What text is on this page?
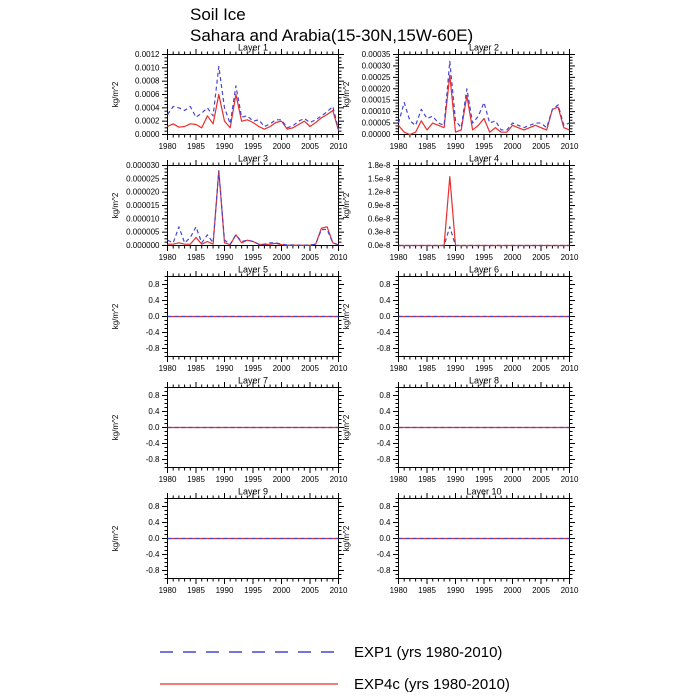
Soil Ice
Sahara and Arabia(15-30N,15W-60E)
1980 1985 1990 1995 2000 2005 2010
0.0000
0.0002
0.0004
0.0006
0.0008
0.0010
0.0012
Layer 1
kg/m^2
1980 1985 1990 1995 2000 2005 2010
0.00000
0.00005
0.00010
0.00015
0.00020
0.00025
0.00030
0.00035
Layer 2
kg/m^2
1980 1985 1990 1995 2000 2005 2010
0.000000
0.000005
0.000010
0.000015
0.000020
0.000025
0.000030
Layer 3
kg/m^2
1980 1985 1990 1995 2000 2005 2010
0.0e-8
0.3e-8
0.6e-8
0.9e-8
1.2e-8
1.5e-8
1.8e-8
Layer 4
kg/m^2
1980 1985 1990 1995 2000 2005 2010
-0.8
-0.4
0.0
0.4
0.8
Layer 5
kg/m^2
1980 1985 1990 1995 2000 2005 2010
-0.8
-0.4
0.0
0.4
0.8
Layer 6
kg/m^2
1980 1985 1990 1995 2000 2005 2010
-0.8
-0.4
0.0
0.4
0.8
Layer 7
kg/m^2
1980 1985 1990 1995 2000 2005 2010
-0.8
-0.4
0.0
0.4
0.8
Layer 8
kg/m^2
1980 1985 1990 1995 2000 2005 2010
-0.8
-0.4
0.0
0.4
0.8
Layer 9
kg/m^2
1980 1985 1990 1995 2000 2005 2010
-0.8
-0.4
0.0
0.4
0.8
Layer 10
kg/m^2
EXP1 (yrs 1980-2010)
EXP4c (yrs 1980-2010)
